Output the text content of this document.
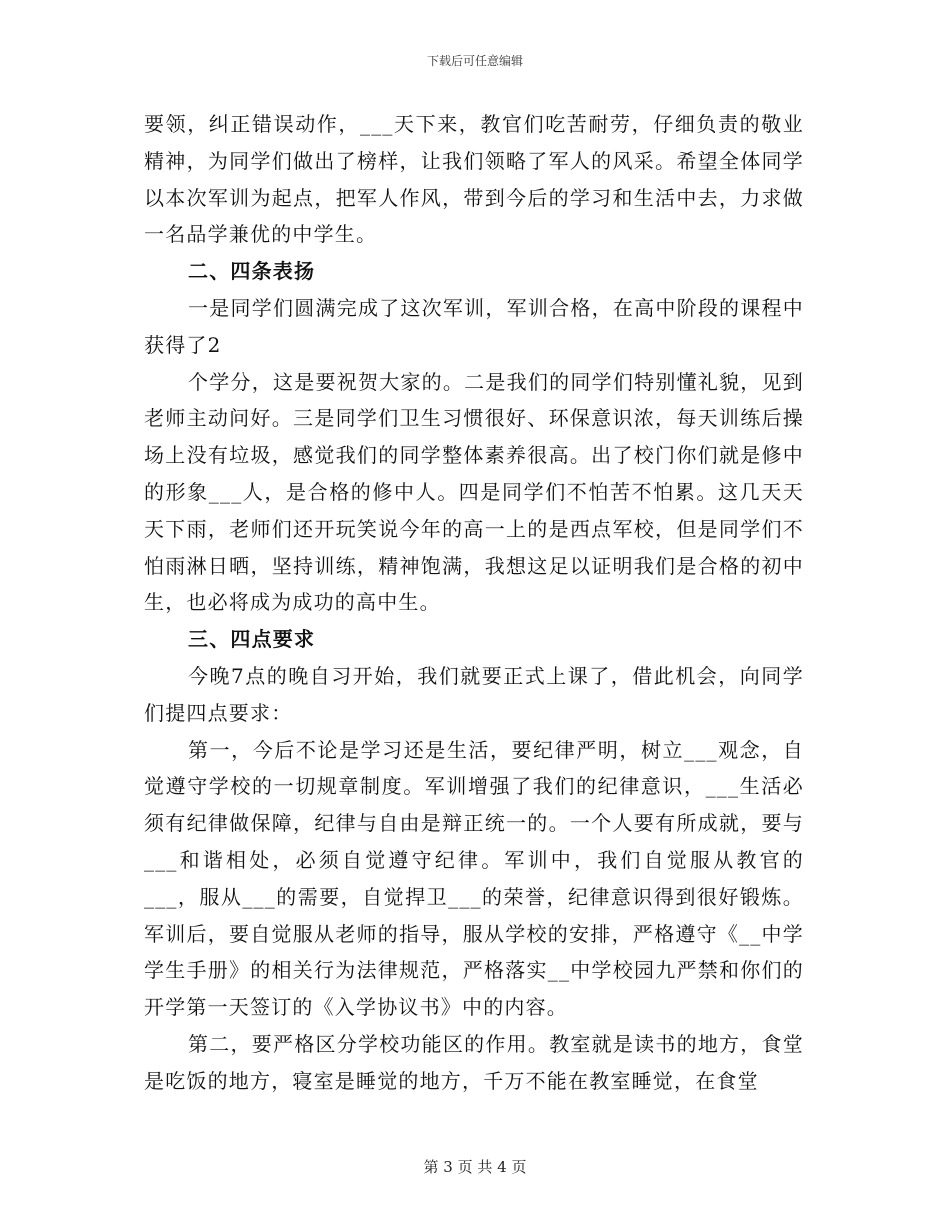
下载后可任意编辑

要领，纠正错误动作，___天下来，教官们吃苦耐劳，仔细负责的敬业精神，为同学们做出了榜样，让我们领略了军人的风采。希望全体同学以本次军训为起点，把军人作风，带到今后的学习和生活中去，力求做一名品学兼优的中学生。

二、四条表扬

一是同学们圆满完成了这次军训，军训合格，在高中阶段的课程中获得了2

个学分，这是要祝贺大家的。二是我们的同学们特别懂礼貌，见到老师主动问好。三是同学们卫生习惯很好、环保意识浓，每天训练后操场上没有垃圾，感觉我们的同学整体素养很高。出了校门你们就是修中的形象___人，是合格的修中人。四是同学们不怕苦不怕累。这几天天天下雨，老师们还开玩笑说今年的高一上的是西点军校，但是同学们不怕雨淋日晒，坚持训练，精神饱满，我想这足以证明我们是合格的初中生，也必将成为成功的高中生。

三、四点要求

今晚7点的晚自习开始，我们就要正式上课了，借此机会，向同学们提四点要求：

第一，今后不论是学习还是生活，要纪律严明，树立___观念，自觉遵守学校的一切规章制度。军训增强了我们的纪律意识，___生活必须有纪律做保障，纪律与自由是辩正统一的。一个人要有所成就，要与___和谐相处，必须自觉遵守纪律。军训中，我们自觉服从教官的___，服从___的需要，自觉捍卫___的荣誉，纪律意识得到很好锻炼。军训后，要自觉服从老师的指导，服从学校的安排，严格遵守《__中学学生手册》的相关行为法律规范，严格落实__中学校园九严禁和你们的开学第一天签订的《入学协议书》中的内容。

第二，要严格区分学校功能区的作用。教室就是读书的地方，食堂是吃饭的地方，寝室是睡觉的地方，千万不能在教室睡觉，在食堂

第 3 页 共 4 页
